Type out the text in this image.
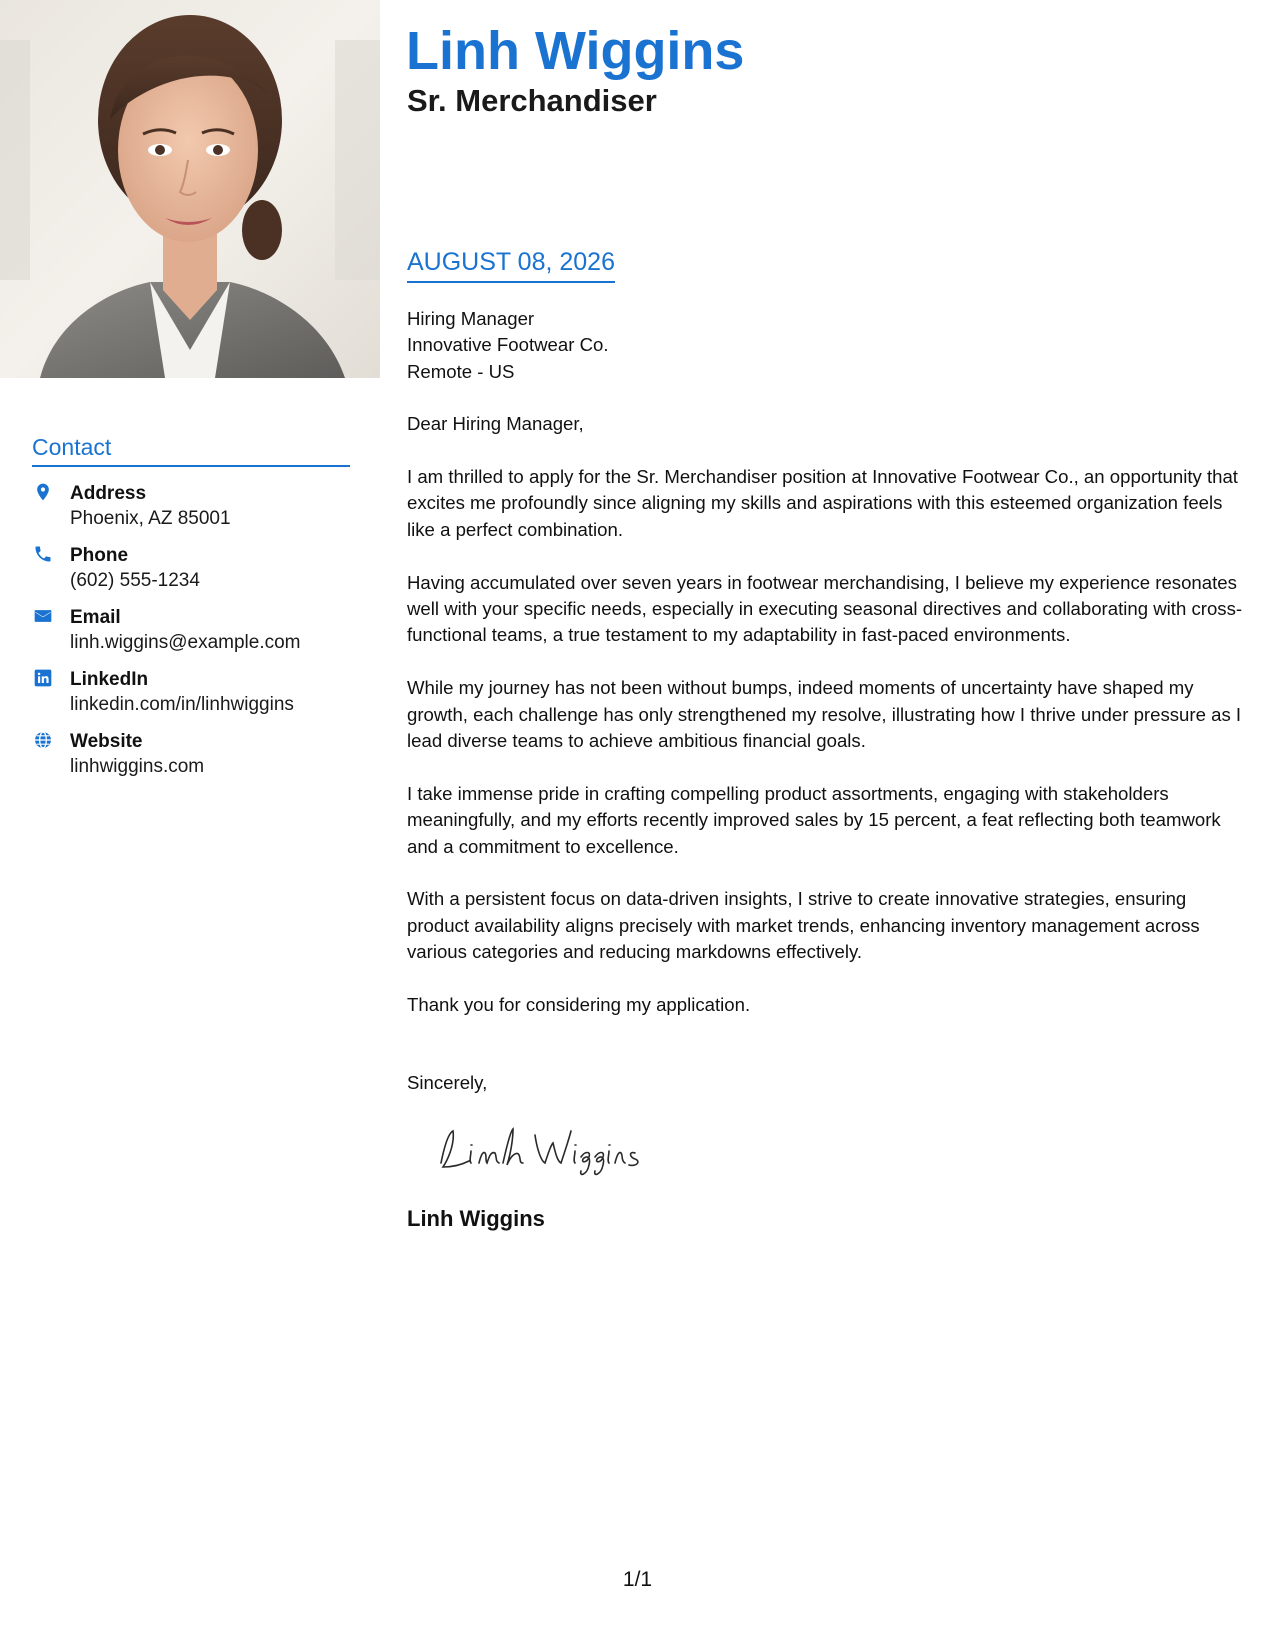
Linh Wiggins
Sr. Merchandiser
Contact
Address
Phoenix, AZ 85001
Phone
(602) 555-1234
Email
linh.wiggins@example.com
LinkedIn
linkedin.com/in/linhwiggins
Website
linhwiggins.com
AUGUST 08, 2026
Hiring Manager
Innovative Footwear Co.
Remote - US

Dear Hiring Manager,

I am thrilled to apply for the Sr. Merchandiser position at Innovative Footwear Co., an opportunity that excites me profoundly since aligning my skills and aspirations with this esteemed organization feels like a perfect combination.

Having accumulated over seven years in footwear merchandising, I believe my experience resonates well with your specific needs, especially in executing seasonal directives and collaborating with cross-functional teams, a true testament to my adaptability in fast-paced environments.

While my journey has not been without bumps, indeed moments of uncertainty have shaped my growth, each challenge has only strengthened my resolve, illustrating how I thrive under pressure as I lead diverse teams to achieve ambitious financial goals.

I take immense pride in crafting compelling product assortments, engaging with stakeholders meaningfully, and my efforts recently improved sales by 15 percent, a feat reflecting both teamwork and a commitment to excellence.

With a persistent focus on data-driven insights, I strive to create innovative strategies, ensuring product availability aligns precisely with market trends, enhancing inventory management across various categories and reducing markdowns effectively.

Thank you for considering my application.

Sincerely,

Linh Wiggins
1/1
